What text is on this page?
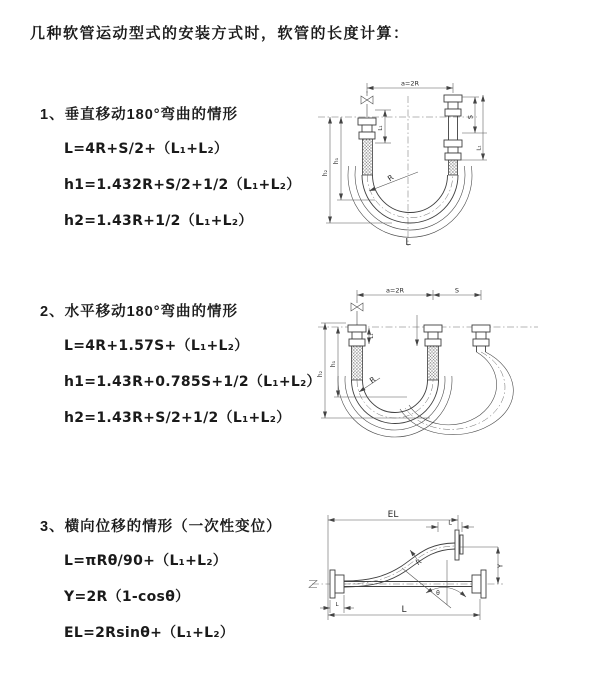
几种软管运动型式的安装方式时，软管的长度计算：
1、垂直移动180°弯曲的情形
L=4R+S/2+（L₁+L₂）
h1=1.432R+S/2+1/2（L₁+L₂）
h2=1.43R+1/2（L₁+L₂）
2、水平移动180°弯曲的情形
L=4R+1.57S+（L₁+L₂）
h1=1.43R+0.785S+1/2（L₁+L₂）
h2=1.43R+S/2+1/2（L₁+L₂）
3、横向位移的情形（一次性变位）
L=πRθ/90+（L₁+L₂）
Y=2R（1-cosθ）
EL=2Rsinθ+（L₁+L₂）
a=2R
h₁
h₂
L₁
S
L₁
R
L
a=2R	S
h₁
h₂
L₁
R
EL
L
Y
θ
R
L
L
